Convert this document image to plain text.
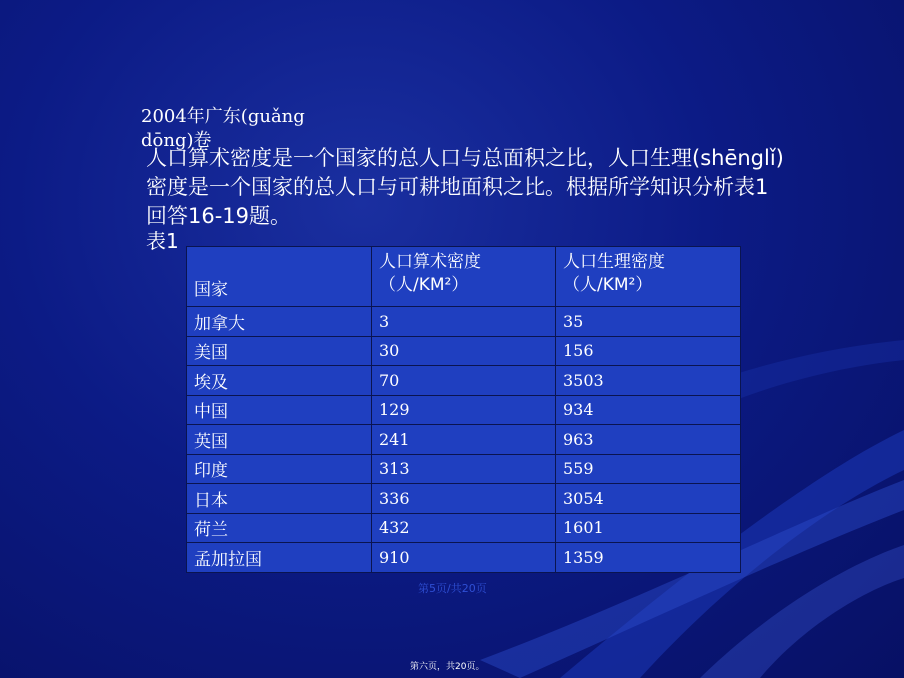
2004年广东(guǎng dōng)卷
人口算术密度是一个国家的总人口与总面积之比，人口生理(shēnglǐ)密度是一个国家的总人口与可耕地面积之比。根据所学知识分析表1回答16-19题。
表1
国家	人口算术密度（人/KM²）	人口生理密度（人/KM²）
加拿大	3	35
美国	30	156
埃及	70	3503
中国	129	934
英国	241	963
印度	313	559
日本	336	3054
荷兰	432	1601
孟加拉国	910	1359
第5页/共20页
第六页，共20页。
